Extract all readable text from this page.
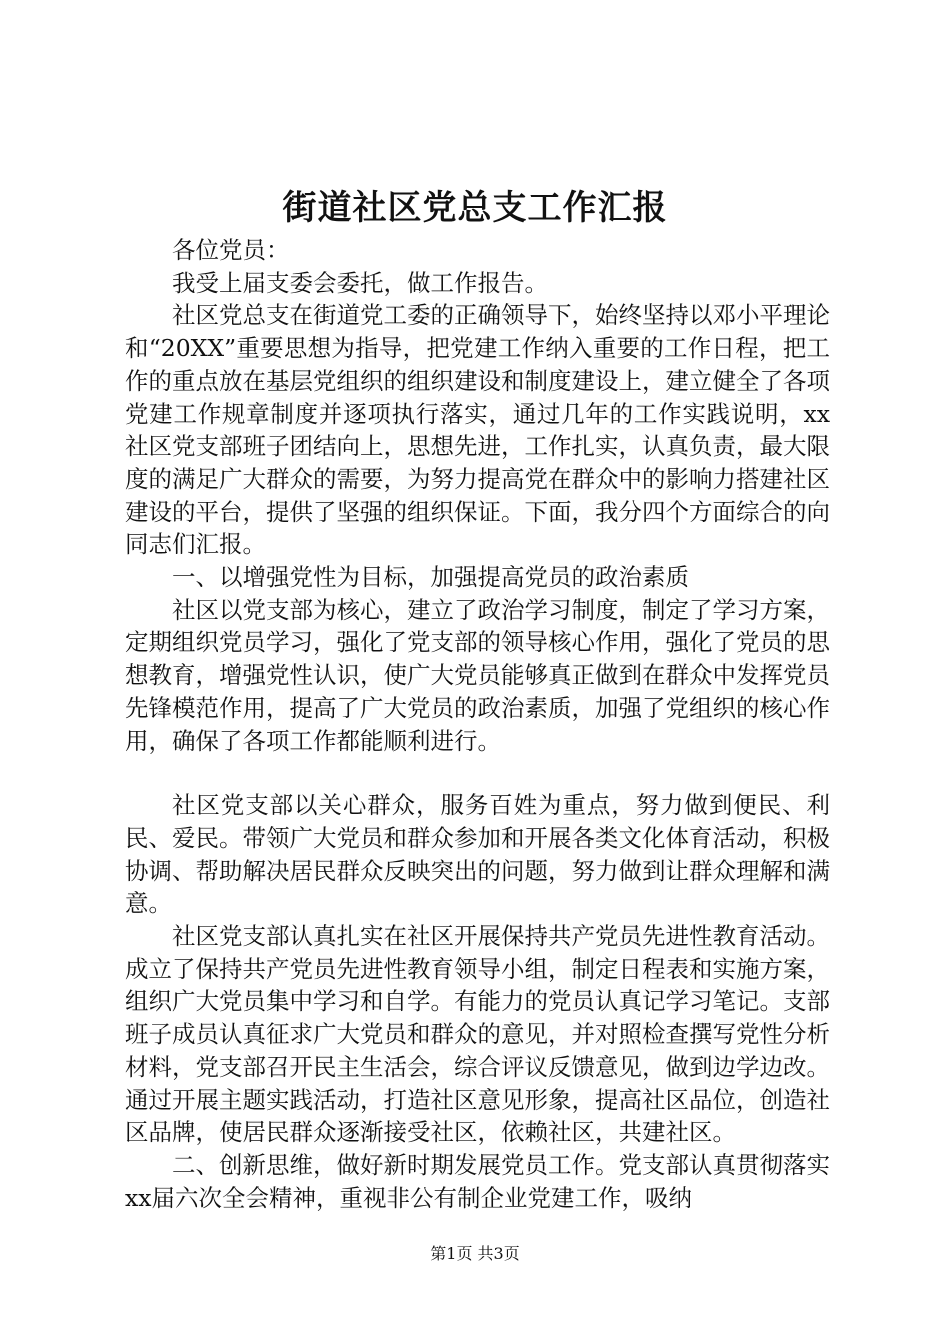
街道社区党总支工作汇报

各位党员：

我受上届支委会委托，做工作报告。

社区党总支在街道党工委的正确领导下，始终坚持以邓小平理论和“20XX”重要思想为指导，把党建工作纳入重要的工作日程，把工作的重点放在基层党组织的组织建设和制度建设上，建立健全了各项党建工作规章制度并逐项执行落实，通过几年的工作实践说明，xx社区党支部班子团结向上，思想先进，工作扎实，认真负责，最大限度的满足广大群众的需要，为努力提高党在群众中的影响力搭建社区建设的平台，提供了坚强的组织保证。下面，我分四个方面综合的向同志们汇报。

一、以增强党性为目标，加强提高党员的政治素质

社区以党支部为核心，建立了政治学习制度，制定了学习方案，定期组织党员学习，强化了党支部的领导核心作用，强化了党员的思想教育，增强党性认识，使广大党员能够真正做到在群众中发挥党员先锋模范作用，提高了广大党员的政治素质，加强了党组织的核心作用，确保了各项工作都能顺利进行。

社区党支部以关心群众，服务百姓为重点，努力做到便民、利民、爱民。带领广大党员和群众参加和开展各类文化体育活动，积极协调、帮助解决居民群众反映突出的问题，努力做到让群众理解和满意。

社区党支部认真扎实在社区开展保持共产党员先进性教育活动。成立了保持共产党员先进性教育领导小组，制定日程表和实施方案，组织广大党员集中学习和自学。有能力的党员认真记学习笔记。支部班子成员认真征求广大党员和群众的意见，并对照检查撰写党性分析材料，党支部召开民主生活会，综合评议反馈意见，做到边学边改。通过开展主题实践活动，打造社区意见形象，提高社区品位，创造社区品牌，使居民群众逐渐接受社区，依赖社区，共建社区。

二、创新思维，做好新时期发展党员工作。党支部认真贯彻落实xx届六次全会精神，重视非公有制企业党建工作，吸纳

第1页 共3页
